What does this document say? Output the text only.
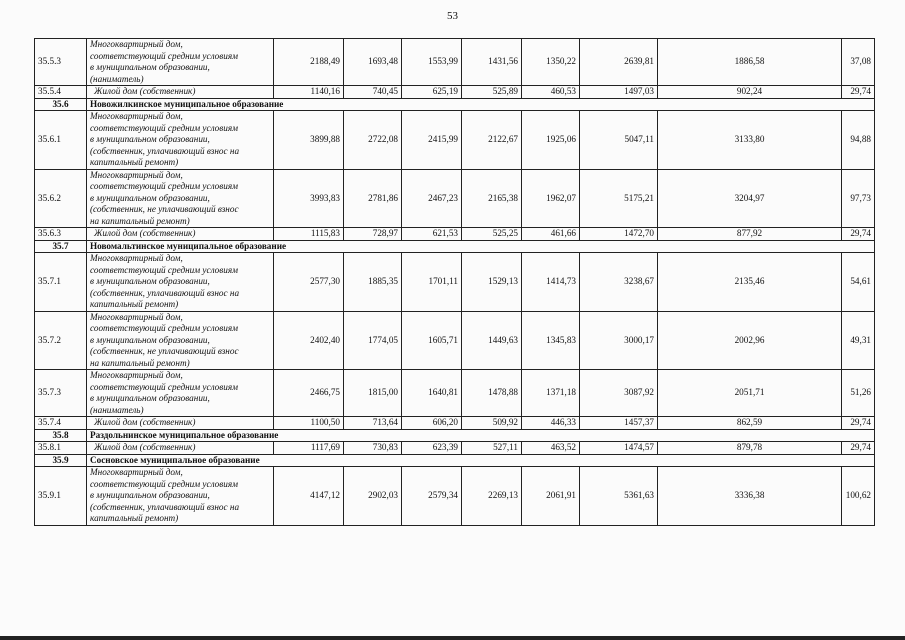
53
35.5.3	Многоквартирный дом,
соответствующий средним условиям
в муниципальном образовании,
(наниматель)	2188,49	1693,48	1553,99	1431,56	1350,22	2639,81	1886,58	37,08
35.5.4	Жилой дом (собственник)	1140,16	740,45	625,19	525,89	460,53	1497,03	902,24	29,74
35.6	Новожилкинское муниципальное образование								
35.6.1	Многоквартирный дом,
соответствующий средним условиям
в муниципальном образовании,
(собственник, уплачивающий взнос на
капитальный ремонт)	3899,88	2722,08	2415,99	2122,67	1925,06	5047,11	3133,80	94,88
35.6.2	Многоквартирный дом,
соответствующий средним условиям
в муниципальном образовании,
(собственник, не уплачивающий взнос
на капитальный ремонт)	3993,83	2781,86	2467,23	2165,38	1962,07	5175,21	3204,97	97,73
35.6.3	Жилой дом (собственник)	1115,83	728,97	621,53	525,25	461,66	1472,70	877,92	29,74
35.7	Новомальтинское муниципальное образование								
35.7.1	Многоквартирный дом,
соответствующий средним условиям
в муниципальном образовании,
(собственник, уплачивающий взнос на
капитальный ремонт)	2577,30	1885,35	1701,11	1529,13	1414,73	3238,67	2135,46	54,61
35.7.2	Многоквартирный дом,
соответствующий средним условиям
в муниципальном образовании,
(собственник, не уплачивающий взнос
на капитальный ремонт)	2402,40	1774,05	1605,71	1449,63	1345,83	3000,17	2002,96	49,31
35.7.3	Многоквартирный дом,
соответствующий средним условиям
в муниципальном образовании,
(наниматель)	2466,75	1815,00	1640,81	1478,88	1371,18	3087,92	2051,71	51,26
35.7.4	Жилой дом (собственник)	1100,50	713,64	606,20	509,92	446,33	1457,37	862,59	29,74
35.8	Раздольнинское муниципальное образование								
35.8.1	Жилой дом (собственник)	1117,69	730,83	623,39	527,11	463,52	1474,57	879,78	29,74
35.9	Сосновское муниципальное образование								
35.9.1	Многоквартирный дом,
соответствующий средним условиям
в муниципальном образовании,
(собственник, уплачивающий взнос на
капитальный ремонт)	4147,12	2902,03	2579,34	2269,13	2061,91	5361,63	3336,38	100,62
